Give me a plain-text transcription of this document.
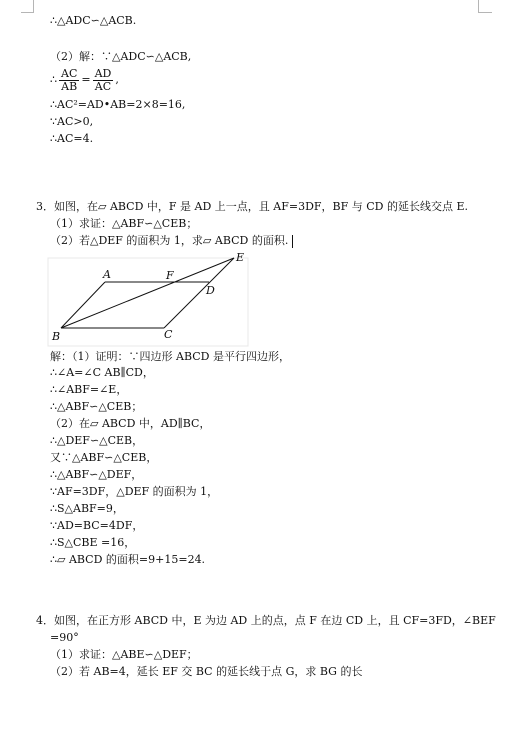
∴△ADC∽△ACB.
（2）解：∵△ADC∽△ACB,
∴ $\frac{AC}{AB} = \frac{AD}{AC}$ ,
∴AC²=AD•AB=2×8=16,
∵AC>0,
∴AC=4.
3．如图，在▱ ABCD 中，F 是 AD 上一点，且 AF=3DF，BF 与 CD 的延长线交点 E.
（1）求证：△ABF∽△CEB；
（2）若△DEF 的面积为 1，求▱ ABCD 的面积.
A	F
E
D
B	C
解：（1）证明：∵四边形 ABCD 是平行四边形，
∴∠A=∠C AB∥CD，
∴∠ABF=∠E，
∴△ABF∽△CEB；
（2）在▱ ABCD 中，AD∥BC，
∴△DEF∽△CEB，
又∵△ABF∽△CEB，
∴△ABF∽△DEF，
∵AF=3DF，△DEF 的面积为 1，
∴S△ABF=9，
∵AD=BC=4DF，
∴S△CBE =16，
∴▱ ABCD 的面积=9+15=24.
4．如图，在正方形 ABCD 中，E 为边 AD 上的点，点 F 在边 CD 上，且 CF=3FD，∠BEF
=90°
（1）求证：△ABE∽△DEF；
（2）若 AB=4，延长 EF 交 BC 的延长线于点 G，求 BG 的长
